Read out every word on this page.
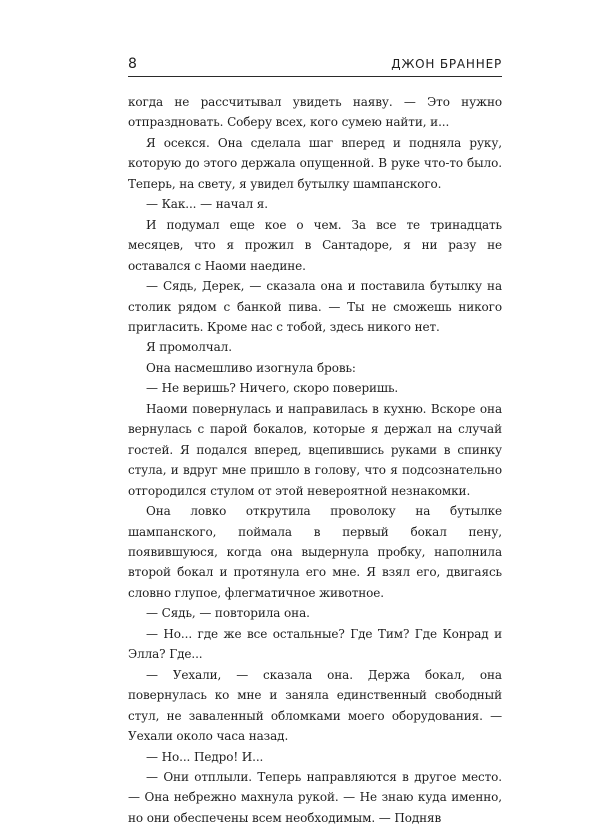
8	ДЖОН БРАННЕР

когда не рассчитывал увидеть наяву. — Это нужно отпраздновать. Соберу всех, кого сумею найти, и...

Я осекся. Она сделала шаг вперед и подняла руку, которую до этого держала опущенной. В руке что-то было. Теперь, на свету, я увидел бутылку шампанского.

— Как... — начал я.

И подумал еще кое о чем. За все те тринадцать месяцев, что я прожил в Сантадоре, я ни разу не оставался с Наоми наедине.

— Сядь, Дерек, — сказала она и поставила бутылку на столик рядом с банкой пива. — Ты не сможешь никого пригласить. Кроме нас с тобой, здесь никого нет.

Я промолчал.

Она насмешливо изогнула бровь:

— Не веришь? Ничего, скоро поверишь.

Наоми повернулась и направилась в кухню. Вскоре она вернулась с парой бокалов, которые я держал на случай гостей. Я подался вперед, вцепившись руками в спинку стула, и вдруг мне пришло в голову, что я подсознательно отгородился стулом от этой невероятной незнакомки.

Она ловко открутила проволоку на бутылке шампанского, поймала в первый бокал пену, появившуюся, когда она выдернула пробку, наполнила второй бокал и протянула его мне. Я взял его, двигаясь словно глупое, флегматичное животное.

— Сядь, — повторила она.

— Но... где же все остальные? Где Тим? Где Конрад и Элла? Где...

— Уехали, — сказала она. Держа бокал, она повернулась ко мне и заняла единственный свободный стул, не заваленный обломками моего оборудования. — Уехали около часа назад.

— Но... Педро! И...

— Они отплыли. Теперь направляются в другое место. — Она небрежно махнула рукой. — Не знаю куда именно, но они обеспечены всем необходимым. — Подняв
